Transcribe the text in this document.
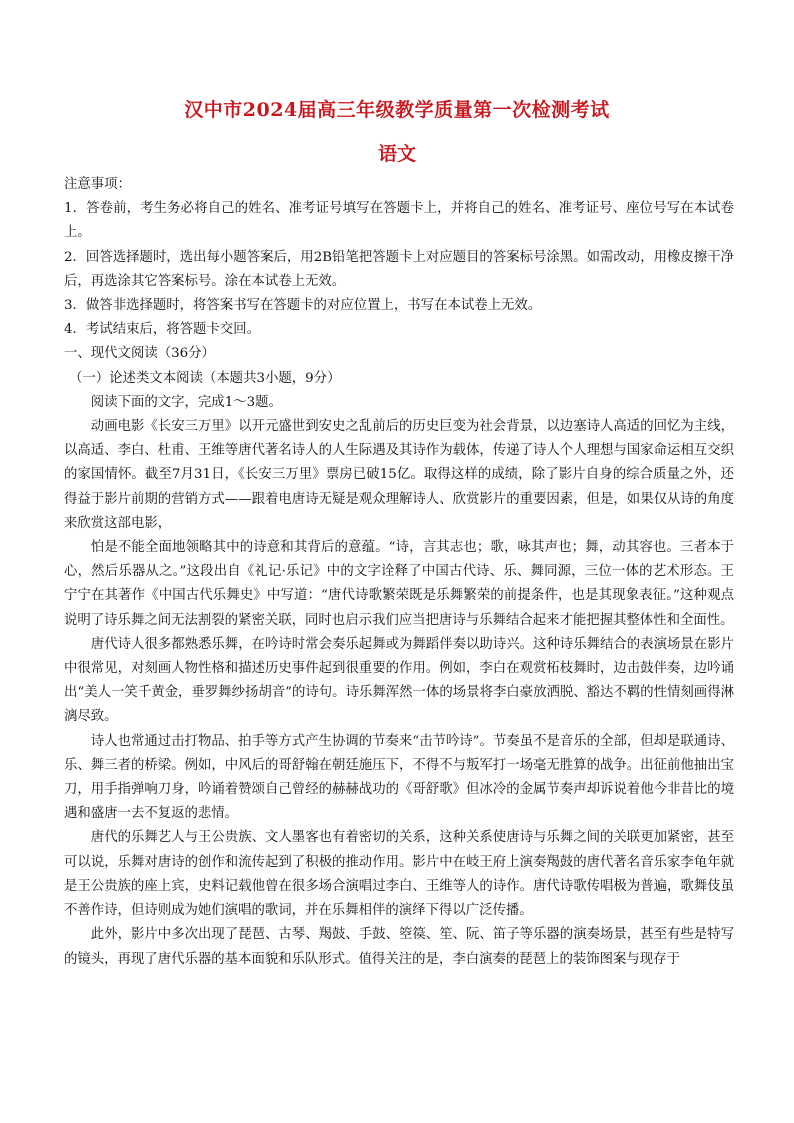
汉中市2024届高三年级教学质量第一次检测考试
语文

注意事项：

1．答卷前，考生务必将自己的姓名、准考证号填写在答题卡上，并将自己的姓名、准考证号、座位号写在本试卷上。

2．回答选择题时，选出每小题答案后，用2B铅笔把答题卡上对应题目的答案标号涂黑。如需改动，用橡皮擦干净后，再选涂其它答案标号。涂在本试卷上无效。

3．做答非选择题时，将答案书写在答题卡的对应位置上，书写在本试卷上无效。

4．考试结束后，将答题卡交回。

一、现代文阅读（36分）

（一）论述类文本阅读（本题共3小题，9分）

阅读下面的文字，完成1～3题。

动画电影《长安三万里》以开元盛世到安史之乱前后的历史巨变为社会背景，以边塞诗人高适的回忆为主线，以高适、李白、杜甫、王维等唐代著名诗人的人生际遇及其诗作为载体，传递了诗人个人理想与国家命运相互交织的家国情怀。截至7月31日，《长安三万里》票房已破15亿。取得这样的成绩，除了影片自身的综合质量之外，还得益于影片前期的营销方式——跟着电唐诗无疑是观众理解诗人、欣赏影片的重要因素，但是，如果仅从诗的角度来欣赏这部电影，

怕是不能全面地领略其中的诗意和其背后的意蕴。“诗，言其志也；歌，咏其声也；舞，动其容也。三者本于心，然后乐器从之。”这段出自《礼记·乐记》中的文字诠释了中国古代诗、乐、舞同源，三位一体的艺术形态。王宁宁在其著作《中国古代乐舞史》中写道：“唐代诗歌繁荣既是乐舞繁荣的前提条件，也是其现象表征。”这种观点说明了诗乐舞之间无法割裂的紧密关联，同时也启示我们应当把唐诗与乐舞结合起来才能把握其整体性和全面性。

唐代诗人很多都熟悉乐舞，在吟诗时常会奏乐起舞或为舞蹈伴奏以助诗兴。这种诗乐舞结合的表演场景在影片中很常见，对刻画人物性格和描述历史事件起到很重要的作用。例如，李白在观赏柘枝舞时，边击鼓伴奏，边吟诵出“美人一笑千黄金，垂罗舞纱扬胡音”的诗句。诗乐舞浑然一体的场景将李白豪放洒脱、豁达不羁的性情刻画得淋漓尽致。

诗人也常通过击打物品、拍手等方式产生协调的节奏来“击节吟诗”。节奏虽不是音乐的全部，但却是联通诗、乐、舞三者的桥梁。例如，中风后的哥舒翰在朝廷施压下，不得不与叛军打一场毫无胜算的战争。出征前他抽出宝刀，用手指弹响刀身，吟诵着赞颂自己曾经的赫赫战功的《哥舒歌》但冰冷的金属节奏声却诉说着他今非昔比的境遇和盛唐一去不复返的悲情。

唐代的乐舞艺人与王公贵族、文人墨客也有着密切的关系，这种关系使唐诗与乐舞之间的关联更加紧密，甚至可以说，乐舞对唐诗的创作和流传起到了积极的推动作用。影片中在岐王府上演奏羯鼓的唐代著名音乐家李龟年就是王公贵族的座上宾，史料记载他曾在很多场合演唱过李白、王维等人的诗作。唐代诗歌传唱极为普遍，歌舞伎虽不善作诗，但诗则成为她们演唱的歌词，并在乐舞相伴的演绎下得以广泛传播。

此外，影片中多次出现了琵琶、古琴、羯鼓、手鼓、箜篌、笙、阮、笛子等乐器的演奏场景，甚至有些是特写的镜头，再现了唐代乐器的基本面貌和乐队形式。值得关注的是，李白演奏的琵琶上的装饰图案与现存于
